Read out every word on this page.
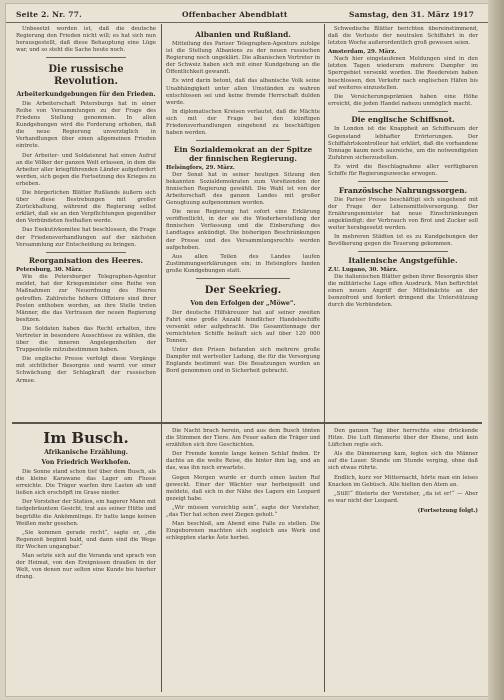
Seite 2. Nr. 77.	Offenbacher Abendblatt	Samstag, den 31. März 1917
Unbesetzt worden ist, daß die deutsche Regierung den Frieden nicht will; es hat sich nun herausgestellt, daß diese Behauptung eine Lüge war, und so steht die Sache heute noch.
Die russische Revolution.
Arbeiterkundgebungen für den Frieden.
Die Arbeiterschaft Petersburgs hat in einer Reihe von Versammlungen zu der Frage des Friedens Stellung genommen. In allen Kundgebungen wird die Forderung erhoben, daß die neue Regierung unverzüglich in Verhandlungen über einen allgemeinen Frieden eintrete.
Der Arbeiter- und Soldatenrat hat einen Aufruf an die Völker der ganzen Welt erlassen, in dem die Arbeiter aller kriegführenden Länder aufgefordert werden, sich gegen die Fortsetzung des Krieges zu erheben.
Die bürgerlichen Blätter Rußlands äußern sich über diese Bestrebungen mit großer Zurückhaltung, während die Regierung selbst erklärt, daß sie an den Verpflichtungen gegenüber den Verbündeten festhalten werde.
Das Exekutivkomitee hat beschlossen, die Frage der Friedensverhandlungen auf der nächsten Versammlung zur Entscheidung zu bringen.
Reorganisation des Heeres.
Petersburg, 30. März.
Wie die Petersburger Telegraphen-Agentur meldet, hat der Kriegsminister eine Reihe von Maßnahmen zur Neuordnung des Heeres getroffen. Zahlreiche höhere Offiziere sind ihrer Posten enthoben worden, an ihre Stelle treten Männer, die das Vertrauen der neuen Regierung besitzen.
Die Soldaten haben das Recht erhalten, ihre Vertreter in besondere Ausschüsse zu wählen, die über die inneren Angelegenheiten der Truppenteile mitzubestimmen haben.
Die englische Presse verfolgt diese Vorgänge mit sichtlicher Besorgnis und warnt vor einer Schwächung der Schlagkraft der russischen Armee.
Albanien und Rußland.
Mitteilung des Pariser Telegraphen-Agenturs zufolge ist die Stellung Albaniens zu der neuen russischen Regierung noch ungeklärt. Die albanischen Vertreter in der Schweiz haben sich mit einer Kundgebung an die Öffentlichkeit gewandt.
Es wird darin betont, daß das albanische Volk seine Unabhängigkeit unter allen Umständen zu wahren entschlossen sei und keine fremde Herrschaft dulden werde.
In diplomatischen Kreisen verlautet, daß die Mächte sich mit der Frage bei den künftigen Friedensverhandlungen eingehend zu beschäftigen haben werden.
Ein Sozialdemokrat an der Spitze der finnischen Regierung.
Helsingfors, 29. März.
Der Senat hat in seiner heutigen Sitzung den bekannten Sozialdemokraten zum Vorsitzenden der finnischen Regierung gewählt. Die Wahl ist von der Arbeiterschaft des ganzen Landes mit großer Genugtuung aufgenommen worden.
Die neue Regierung hat sofort eine Erklärung veröffentlicht, in der sie die Wiederherstellung der finnischen Verfassung und die Einberufung des Landtages ankündigt. Die bisherigen Beschränkungen der Presse und des Versammlungsrechts werden aufgehoben.
Aus allen Teilen des Landes laufen Zustimmungserklärungen ein; in Helsingfors fanden große Kundgebungen statt.
Der Seekrieg.
Von den Erfolgen der „Möwe“.
Der deutsche Hilfskreuzer hat auf seiner zweiten Fahrt eine große Anzahl feindlicher Handelsschiffe versenkt oder aufgebracht. Die Gesamttonnage der vernichteten Schiffe beläuft sich auf über 120 000 Tonnen.
Unter den Prisen befanden sich mehrere große Dampfer mit wertvoller Ladung, die für die Versorgung Englands bestimmt war. Die Besatzungen wurden an Bord genommen und in Sicherheit gebracht.
Schwedische Blätter berichten übereinstimmend, daß die Verluste der neutralen Schiffahrt in der letzten Woche außerordentlich groß gewesen seien.
Amsterdam, 29. März.
Nach hier eingelaufenen Meldungen sind in den letzten Tagen wiederum mehrere Dampfer im Sperrgebiet versenkt worden. Die Reedereien haben beschlossen, den Verkehr nach englischen Häfen bis auf weiteres einzustellen.
Die Versicherungsprämien haben eine Höhe erreicht, die jeden Handel nahezu unmöglich macht.
Die englische Schiffsnot.
In London ist die Knappheit an Schiffsraum der Gegenstand lebhafter Erörterungen. Der Schiffahrtskontrolleur hat erklärt, daß die vorhandene Tonnage kaum noch ausreiche, um die notwendigsten Zufuhren sicherzustellen.
Es wird die Beschlagnahme aller verfügbaren Schiffe für Regierungszwecke erwogen.
Französische Nahrungssorgen.
Die Pariser Presse beschäftigt sich eingehend mit der Frage der Lebensmittelversorgung. Der Ernährungsminister hat neue Einschränkungen angekündigt; der Verbrauch von Brot und Zucker soll weiter herabgesetzt werden.
In mehreren Städten ist es zu Kundgebungen der Bevölkerung gegen die Teuerung gekommen.
Italienische Angstgefühle.
Z.U. Lugano, 30. März.
Die italienischen Blätter geben ihrer Besorgnis über die militärische Lage offen Ausdruck. Man befürchtet einen neuen Angriff der Mittelmächte an der Isonzofront und fordert dringend die Unterstützung durch die Verbündeten.
Im Busch.
Afrikanische Erzählung.
Von Friedrich Werkhofen.
Die Sonne stand schon tief über dem Busch, als die kleine Karawane das Lager am Flusse erreichte. Die Träger warfen ihre Lasten ab und ließen sich erschöpft im Grase nieder.
Der Vorsteher der Station, ein hagerer Mann mit tiefgebräuntem Gesicht, trat aus seiner Hütte und begrüßte die Ankömmlinge. Er hatte lange keinen Weißen mehr gesehen.
„Sie kommen gerade recht“, sagte er, „die Regenzeit beginnt bald, und dann sind die Wege für Wochen ungangbar.“
Man setzte sich auf die Veranda und sprach von der Heimat, von den Ereignissen draußen in der Welt, von denen nur selten eine Kunde bis hierher drang.
Die Nacht brach herein, und aus dem Busch tönten die Stimmen der Tiere. Am Feuer saßen die Träger und erzählten sich ihre Geschichten.
Der Fremde konnte lange keinen Schlaf finden. Er dachte an die weite Reise, die hinter ihm lag, und an das, was ihn noch erwartete.
Gegen Morgen wurde er durch einen lauten Ruf geweckt. Einer der Wächter war herbeigeeilt und meldete, daß sich in der Nähe des Lagers ein Leopard gezeigt habe.
„Wir müssen vorsichtig sein“, sagte der Vorsteher, „das Tier hat schon zwei Ziegen geholt.“
Man beschloß, am Abend eine Falle zu stellen. Die Eingeborenen machten sich sogleich ans Werk und schleppten starke Äste herbei.
Den ganzen Tag über herrschte eine drückende Hitze. Die Luft flimmerte über der Ebene, und kein Lüftchen regte sich.
Als die Dämmerung kam, legten sich die Männer auf die Lauer. Stunde um Stunde verging, ohne daß sich etwas rührte.
Endlich, kurz vor Mitternacht, hörte man ein leises Knacken im Gebüsch. Alle hielten den Atem an.
„Still!“ flüsterte der Vorsteher, „da ist er!“ — Aber es war nicht der Leopard.
(Fortsetzung folgt.)
